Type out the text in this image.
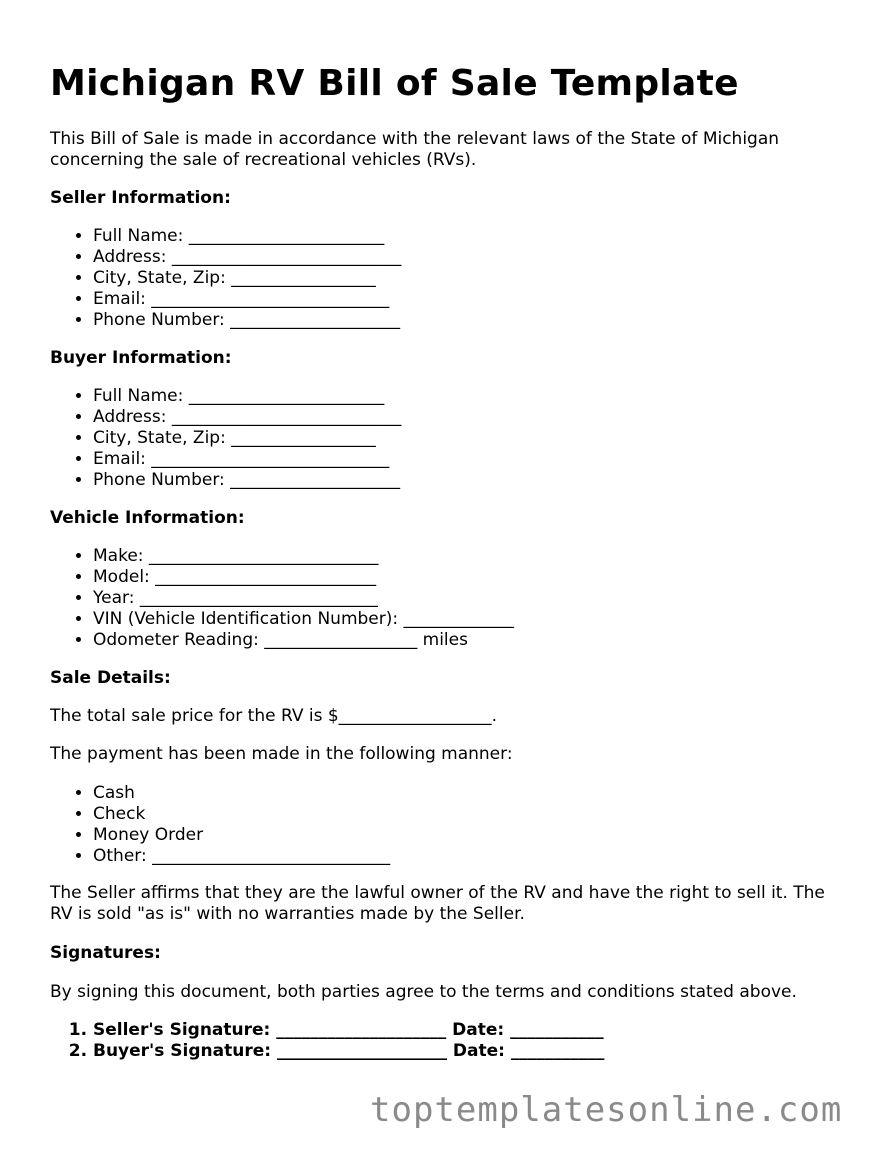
Michigan RV Bill of Sale Template

This Bill of Sale is made in accordance with the relevant laws of the State of Michigan concerning the sale of recreational vehicles (RVs).

Seller Information:

• Full Name: _______________________
• Address: ___________________________
• City, State, Zip: _________________
• Email: ____________________________
• Phone Number: ____________________

Buyer Information:

• Full Name: _______________________
• Address: ___________________________
• City, State, Zip: _________________
• Email: ____________________________
• Phone Number: ____________________

Vehicle Information:

• Make: ___________________________
• Model: __________________________
• Year: ____________________________
• VIN (Vehicle Identification Number): _____________
• Odometer Reading: __________________ miles

Sale Details:

The total sale price for the RV is $__________________.

The payment has been made in the following manner:

• Cash
• Check
• Money Order
• Other: ____________________________

The Seller affirms that they are the lawful owner of the RV and have the right to sell it. The RV is sold "as is" with no warranties made by the Seller.

Signatures:

By signing this document, both parties agree to the terms and conditions stated above.

1. Seller's Signature: ____________________ Date: ___________
2. Buyer's Signature: ____________________ Date: ___________
toptemplatesonline.com
